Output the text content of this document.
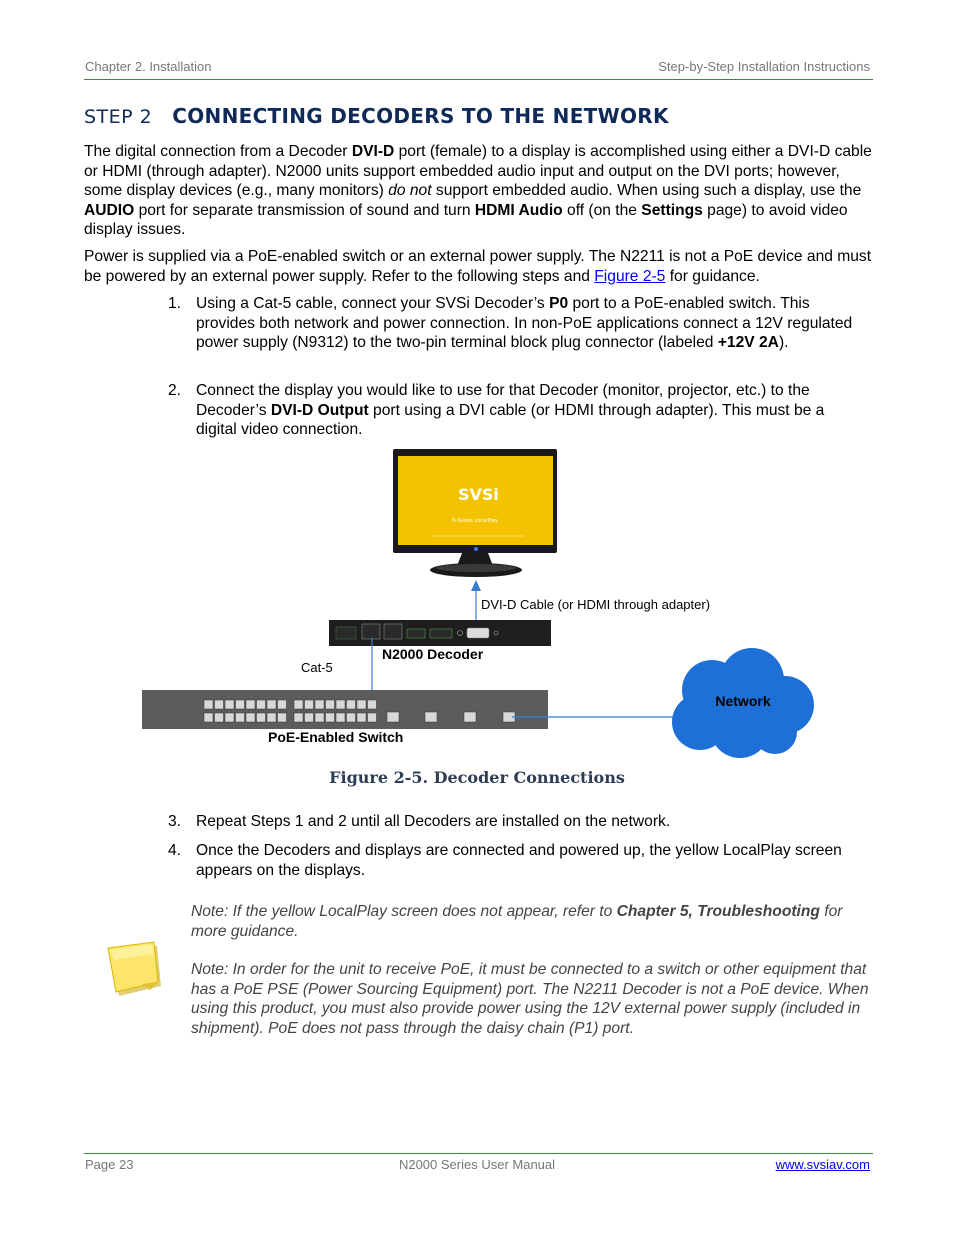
Chapter 2. Installation	Step-by-Step Installation Instructions
STEP 2 CONNECTING DECODERS TO THE NETWORK
The digital connection from a Decoder DVI-D port (female) to a display is accomplished using either a DVI-D cable or HDMI (through adapter). N2000 units support embedded audio input and output on the DVI ports; however, some display devices (e.g., many monitors) do not support embedded audio. When using such a display, use the AUDIO port for separate transmission of sound and turn HDMI Audio off (on the Settings page) to avoid video display issues.
Power is supplied via a PoE-enabled switch or an external power supply. The N2211 is not a PoE device and must be powered by an external power supply. Refer to the following steps and Figure 2-5 for guidance.
1. Using a Cat-5 cable, connect your SVSi Decoder’s P0 port to a PoE-enabled switch. This provides both network and power connection. In non-PoE applications connect a 12V regulated power supply (N9312) to the two-pin terminal block plug connector (labeled +12V 2A).
2. Connect the display you would like to use for that Decoder (monitor, projector, etc.) to the Decoder’s DVI-D Output port using a DVI cable (or HDMI through adapter). This must be a digital video connection.
SVSi
N-Series LocalPlay
DVI-D Cable (or HDMI through adapter)
N2000 Decoder
Cat-5
PoE-Enabled Switch
Network
Figure 2-5. Decoder Connections
3. Repeat Steps 1 and 2 until all Decoders are installed on the network.
4. Once the Decoders and displays are connected and powered up, the yellow LocalPlay screen appears on the displays.
Note: If the yellow LocalPlay screen does not appear, refer to Chapter 5, Troubleshooting for more guidance.
Note: In order for the unit to receive PoE, it must be connected to a switch or other equipment that has a PoE PSE (Power Sourcing Equipment) port. The N2211 Decoder is not a PoE device. When using this product, you must also provide power using the 12V external power supply (included in shipment). PoE does not pass through the daisy chain (P1) port.
Page 23	N2000 Series User Manual	www.svsiav.com
